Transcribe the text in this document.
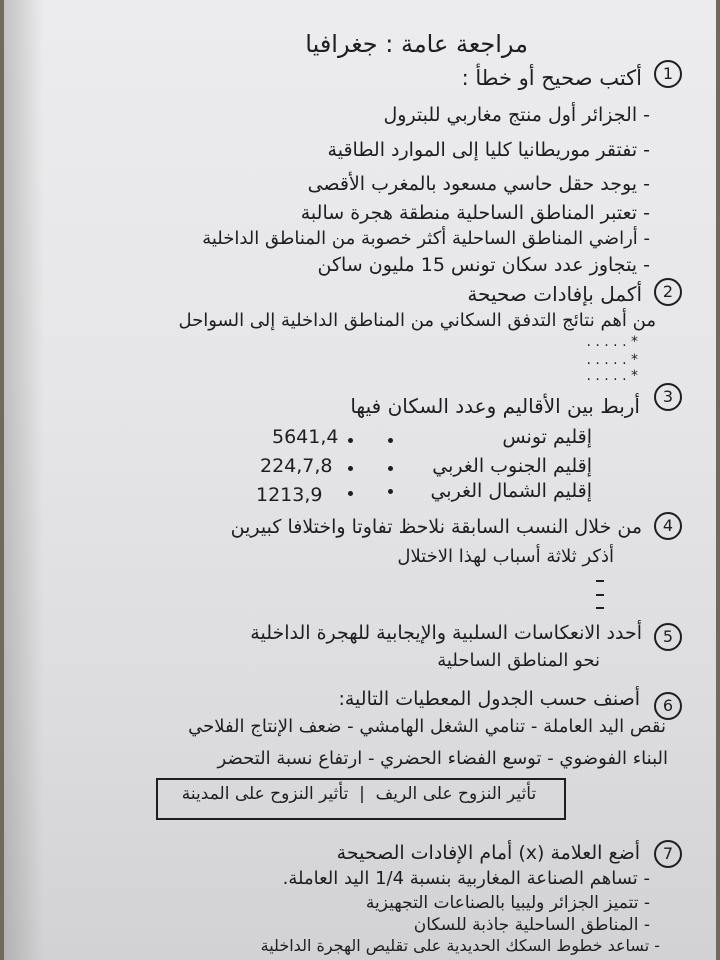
مراجعة عامة : جغرافيا
1
أكتب صحيح أو خطأ :
- الجزائر أول منتج مغاربي للبترول
- تفتقر موريطانيا كليا إلى الموارد الطاقية
- يوجد حقل حاسي مسعود بالمغرب الأقصى
- تعتبر المناطق الساحلية منطقة هجرة سالبة
- أراضي المناطق الساحلية أكثر خصوبة من المناطق الداخلية
- يتجاوز عدد سكان تونس 15 مليون ساكن
2
أكمل بإفادات صحيحة
من أهم نتائج التدفق السكاني من المناطق الداخلية إلى السواحل
* . . . . .
* . . . . .
* . . . . .
3
أربط بين الأقاليم وعدد السكان فيها
إقليم تونس
إقليم الجنوب الغربي
إقليم الشمال الغربي
5641,4
224,7,8
1213,9
4
من خلال النسب السابقة نلاحظ تفاوتا واختلافا كبيرين
أذكر ثلاثة أسباب لهذا الاختلال
5
أحدد الانعكاسات السلبية والإيجابية للهجرة الداخلية
نحو المناطق الساحلية
6
أصنف حسب الجدول المعطيات التالية:
نقص اليد العاملة - تنامي الشغل الهامشي - ضعف الإنتاج الفلاحي
البناء الفوضوي - توسع الفضاء الحضري - ارتفاع نسبة التحضر
تأثير النزوح على الريف  |  تأثير النزوح على المدينة
7
أضع العلامة (x) أمام الإفادات الصحيحة
- تساهم الصناعة المغاربية بنسبة 1/4 اليد العاملة.
- تتميز الجزائر وليبيا بالصناعات التجهيزية
- المناطق الساحلية جاذبة للسكان
- تساعد خطوط السكك الحديدية على تقليص الهجرة الداخلية
